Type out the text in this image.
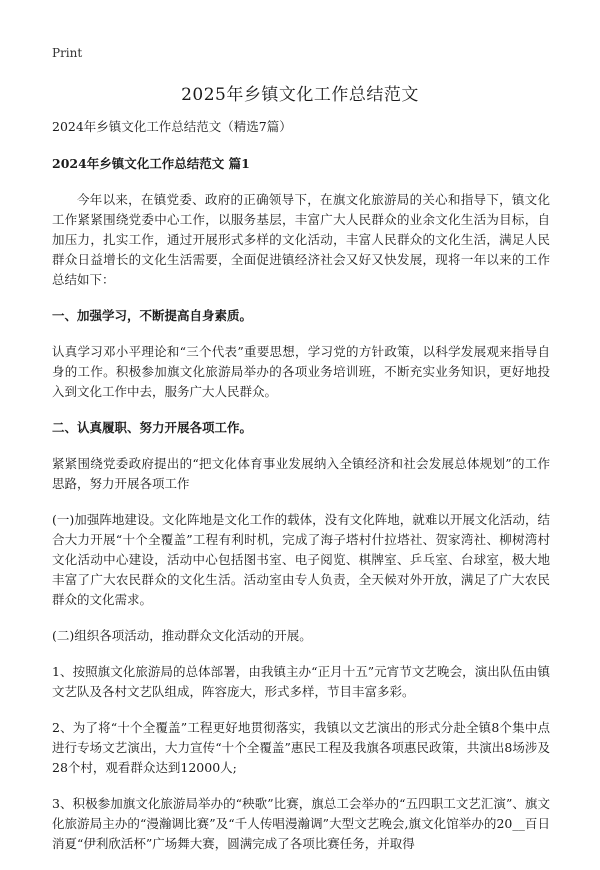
Print
2025年乡镇文化工作总结范文
2024年乡镇文化工作总结范文（精选7篇）
2024年乡镇文化工作总结范文 篇1

今年以来，在镇党委、政府的正确领导下，在旗文化旅游局的关心和指导下，镇文化工作紧紧围绕党委中心工作，以服务基层，丰富广大人民群众的业余文化生活为目标，自加压力，扎实工作，通过开展形式多样的文化活动，丰富人民群众的文化生活，满足人民群众日益增长的文化生活需要，全面促进镇经济社会又好又快发展，现将一年以来的工作总结如下：

一、加强学习，不断提高自身素质。

认真学习邓小平理论和“三个代表”重要思想，学习党的方针政策，以科学发展观来指导自身的工作。积极参加旗文化旅游局举办的各项业务培训班，不断充实业务知识，更好地投入到文化工作中去，服务广大人民群众。

二、认真履职、努力开展各项工作。

紧紧围绕党委政府提出的“把文化体育事业发展纳入全镇经济和社会发展总体规划”的工作思路，努力开展各项工作

(一)加强阵地建设。文化阵地是文化工作的载体，没有文化阵地，就难以开展文化活动，结合大力开展“十个全覆盖”工程有利时机，完成了海子塔村什拉塔社、贺家湾社、柳树湾村文化活动中心建设，活动中心包括图书室、电子阅览、棋牌室、乒乓室、台球室，极大地丰富了广大农民群众的文化生活。活动室由专人负责，全天候对外开放，满足了广大农民群众的文化需求。

(二)组织各项活动，推动群众文化活动的开展。

1、按照旗文化旅游局的总体部署，由我镇主办“正月十五”元宵节文艺晚会，演出队伍由镇文艺队及各村文艺队组成，阵容庞大，形式多样，节目丰富多彩。

2、为了将“十个全覆盖”工程更好地贯彻落实，我镇以文艺演出的形式分赴全镇8个集中点进行专场文艺演出，大力宣传“十个全覆盖”惠民工程及我旗各项惠民政策，共演出8场涉及28个村，观看群众达到12000人;

3、积极参加旗文化旅游局举办的“秧歌”比赛，旗总工会举办的“五四职工文艺汇演”、旗文化旅游局主办的“漫瀚调比赛”及“千人传唱漫瀚调”大型文艺晚会,旗文化馆举办的20__百日消夏“伊利欣活杯”广场舞大赛，圆满完成了各项比赛任务，并取得
